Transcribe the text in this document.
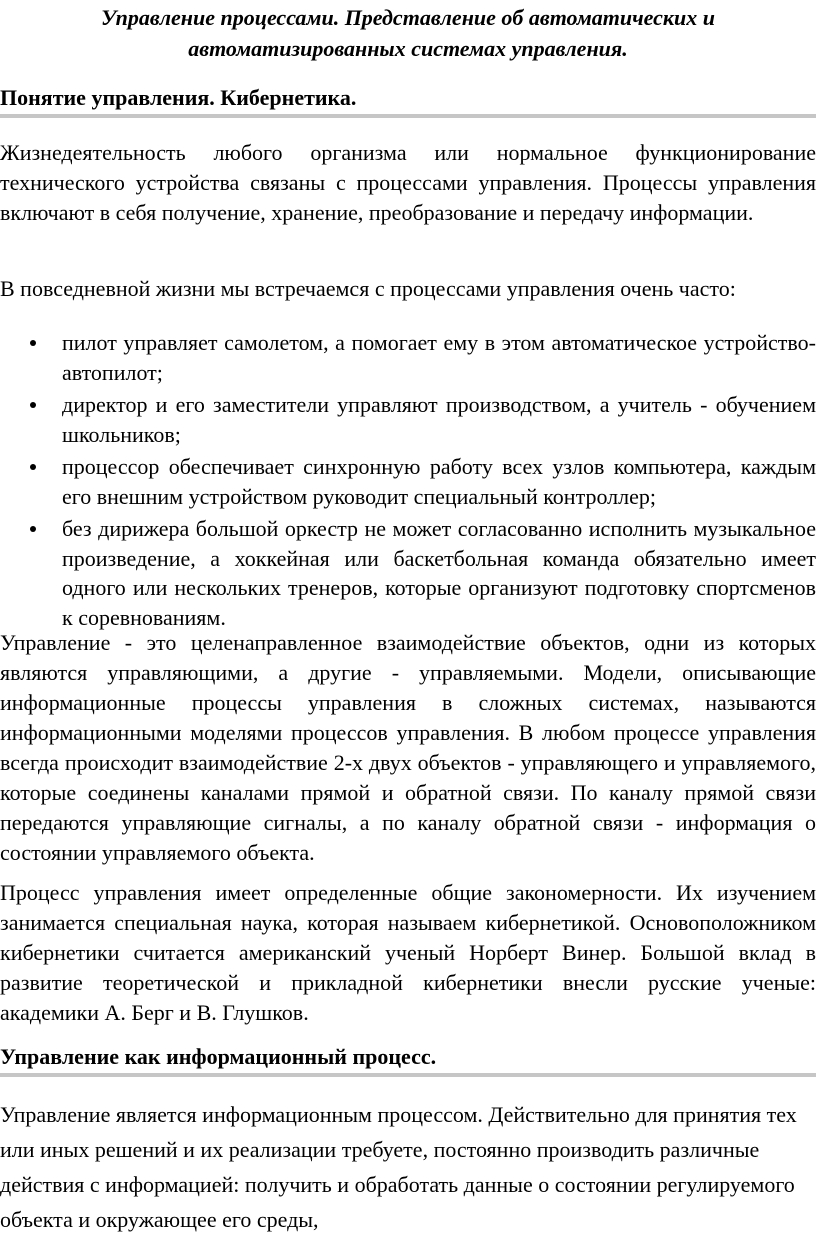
Управление процессами. Представление об автоматических и автоматизированных системах управления.
Понятие управления. Кибернетика.

Жизнедеятельность любого организма или нормальное функционирование технического устройства связаны с процессами управления. Процессы управления включают в себя получение, хранение, преобразование и передачу информации.

В повседневной жизни мы встречаемся с процессами управления очень часто:

пилот управляет самолетом, а помогает ему в этом автоматическое устройство- автопилот;
директор и его заместители управляют производством, а учитель - обучением школьников;
процессор обеспечивает синхронную работу всех узлов компьютера, каждым его внешним устройством руководит специальный контроллер;
без дирижера большой оркестр не может согласованно исполнить музыкальное произведение, а хоккейная или баскетбольная команда обязательно имеет одного или нескольких тренеров, которые организуют подготовку спортсменов к соревнованиям.

Управление - это целенаправленное взаимодействие объектов, одни из которых являются управляющими, а другие - управляемыми. Модели, описывающие информационные процессы управления в сложных системах, называются информационными моделями процессов управления. В любом процессе управления всегда происходит взаимодействие 2-х двух объектов - управляющего и управляемого, которые соединены каналами прямой и обратной связи. По каналу прямой связи передаются управляющие сигналы, а по каналу обратной связи - информация о состоянии управляемого объекта.

Процесс управления имеет определенные общие закономерности. Их изучением занимается специальная наука, которая называем кибернетикой. Основоположником кибернетики считается американский ученый Норберт Винер. Большой вклад в развитие теоретической и прикладной кибернетики внесли русские ученые: академики А. Берг и В. Глушков.

Управление как информационный процесс.

Управление является информационным процессом. Действительно для принятия тех или иных решений и их реализации требуете, постоянно производить различные действия с информацией: получить и обработать данные о состоянии регулируемого объекта и окружающее его среды,
